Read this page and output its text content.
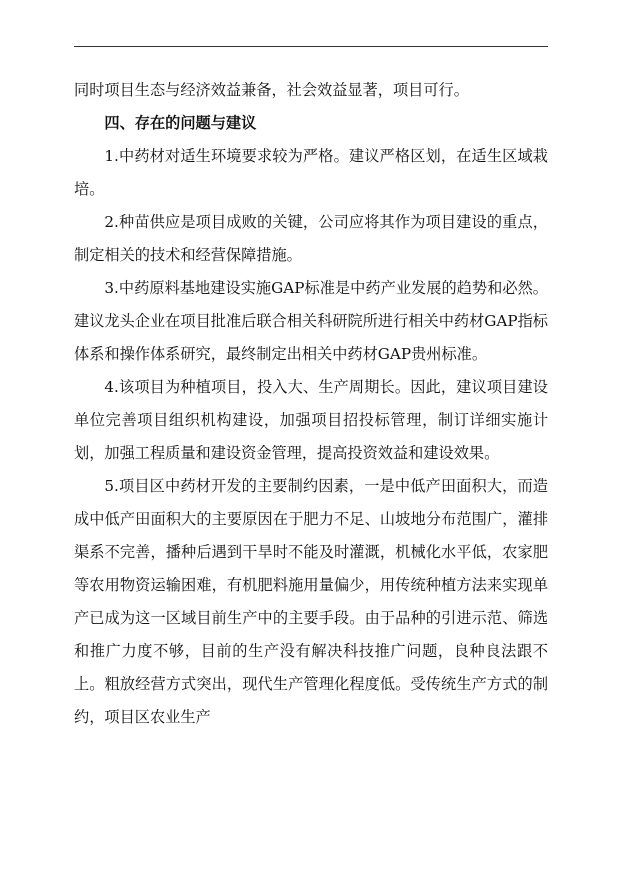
同时项目生态与经济效益兼备，社会效益显著，项目可行。

四、存在的问题与建议

1.中药材对适生环境要求较为严格。建议严格区划，在适生区域栽培。

2.种苗供应是项目成败的关键，公司应将其作为项目建设的重点，制定相关的技术和经营保障措施。

3.中药原料基地建设实施GAP标准是中药产业发展的趋势和必然。建议龙头企业在项目批准后联合相关科研院所进行相关中药材GAP指标体系和操作体系研究，最终制定出相关中药材GAP贵州标准。

4.该项目为种植项目，投入大、生产周期长。因此，建议项目建设单位完善项目组织机构建设，加强项目招投标管理，制订详细实施计划，加强工程质量和建设资金管理，提高投资效益和建设效果。

5.项目区中药材开发的主要制约因素，一是中低产田面积大，而造成中低产田面积大的主要原因在于肥力不足、山坡地分布范围广，灌排渠系不完善，播种后遇到干旱时不能及时灌溉，机械化水平低，农家肥等农用物资运输困难，有机肥料施用量偏少，用传统种植方法来实现单产已成为这一区域目前生产中的主要手段。由于品种的引进示范、筛选和推广力度不够，目前的生产没有解决科技推广问题，良种良法跟不上。粗放经营方式突出，现代生产管理化程度低。受传统生产方式的制约，项目区农业生产
